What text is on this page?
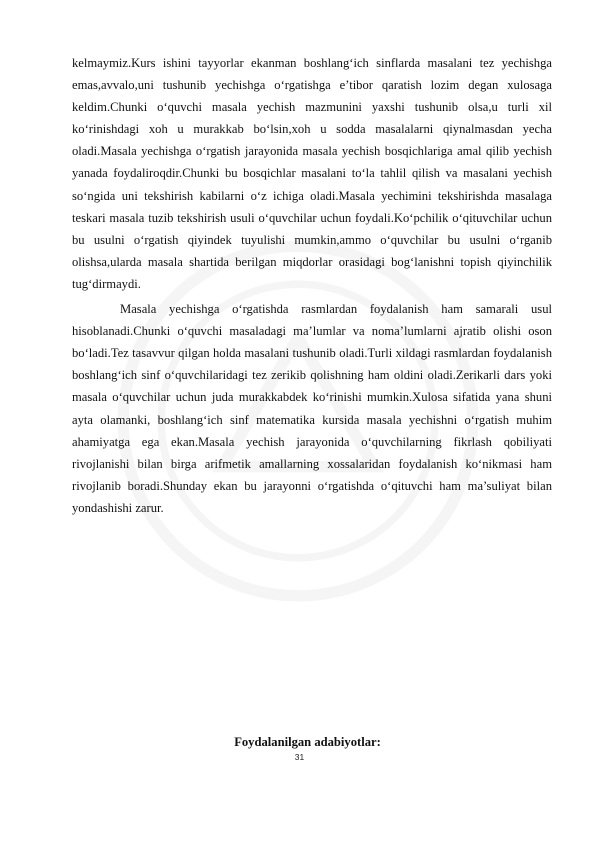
kelmaymiz.Kurs ishini tayyorlar ekanman boshlang‘ich sinflarda masalani tez yechishga emas,avvalo,uni tushunib yechishga o‘rgatishga e’tibor qaratish lozim degan xulosaga keldim.Chunki o‘quvchi masala yechish mazmunini yaxshi tushunib olsa,u turli xil ko‘rinishdagi xoh u murakkab bo‘lsin,xoh u sodda masalalarni qiynalmasdan yecha oladi.Masala yechishga o‘rgatish jarayonida masala yechish bosqichlariga amal qilib yechish yanada foydaliroqdir.Chunki bu bosqichlar masalani to‘la tahlil qilish va masalani yechish so‘ngida uni tekshirish kabilarni o‘z ichiga oladi.Masala yechimini tekshirishda masalaga teskari masala tuzib tekshirish usuli o‘quvchilar uchun foydali.Ko‘pchilik o‘qituvchilar uchun bu usulni o‘rgatish qiyindek tuyulishi mumkin,ammo o‘quvchilar bu usulni o‘rganib olishsa,ularda masala shartida berilgan miqdorlar orasidagi bog‘lanishni topish qiyinchilik tug‘dirmaydi.

Masala yechishga o‘rgatishda rasmlardan foydalanish ham samarali usul hisoblanadi.Chunki o‘quvchi masaladagi ma’lumlar va noma’lumlarni ajratib olishi oson bo‘ladi.Tez tasavvur qilgan holda masalani tushunib oladi.Turli xildagi rasmlardan foydalanish boshlang‘ich sinf o‘quvchilaridagi tez zerikib qolishning ham oldini oladi.Zerikarli dars yoki masala o‘quvchilar uchun juda murakkabdek ko‘rinishi mumkin.Xulosa sifatida yana shuni ayta olamanki, boshlang‘ich sinf matematika kursida masala yechishni o‘rgatish muhim ahamiyatga ega ekan.Masala yechish jarayonida o‘quvchilarning fikrlash qobiliyati rivojlanishi bilan birga arifmetik amallarning xossalaridan foydalanish ko‘nikmasi ham rivojlanib boradi.Shunday ekan bu jarayonni o‘rgatishda o‘qituvchi ham ma’suliyat bilan yondashishi zarur.

Foydalanilgan adabiyotlar:
31
